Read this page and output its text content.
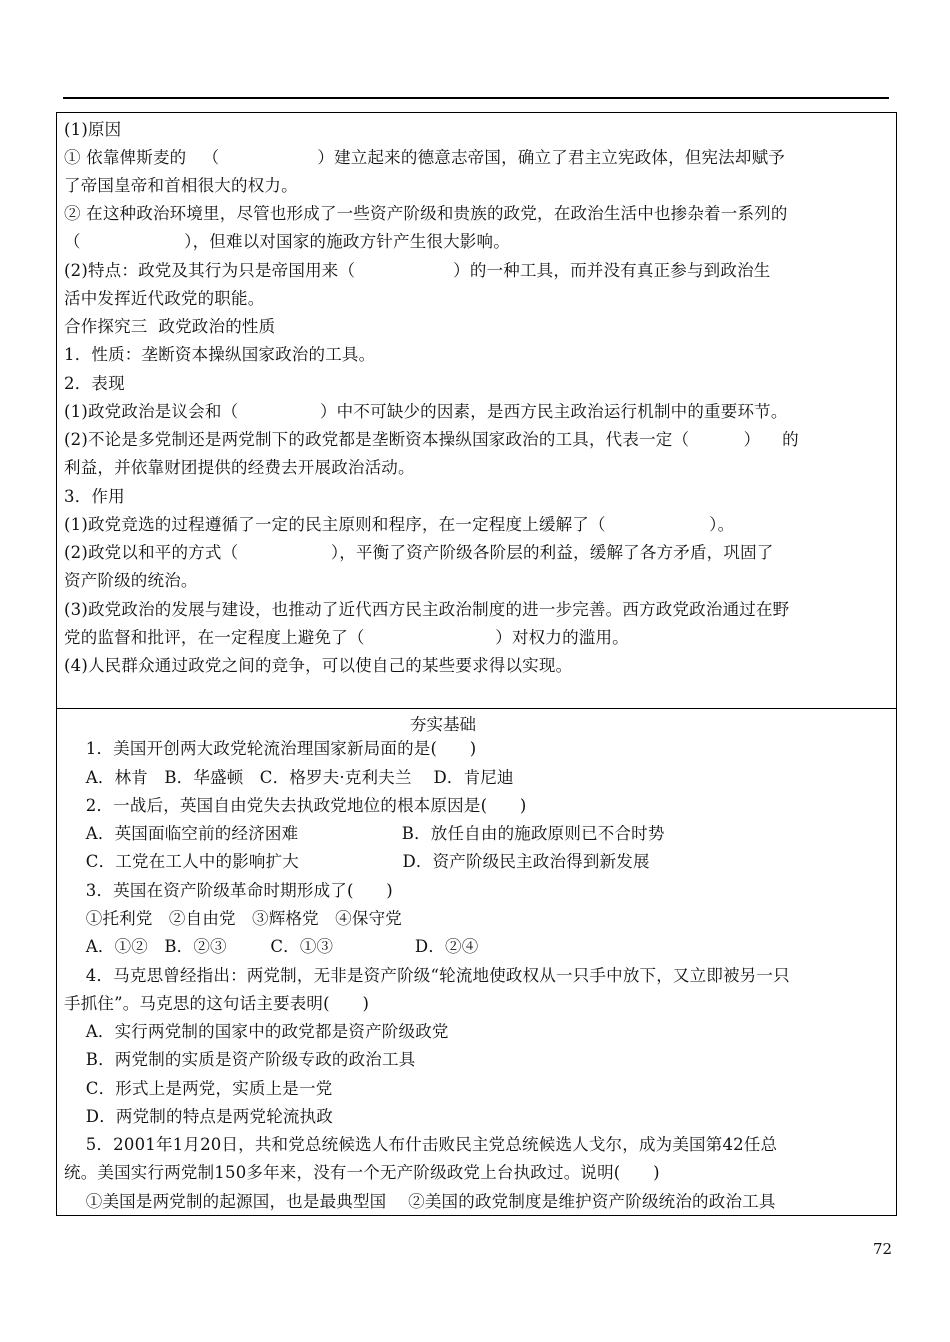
(1)原因
① 依靠俾斯麦的   （                  ）建立起来的德意志帝国，确立了君主立宪政体，但宪法却赋予
了帝国皇帝和首相很大的权力。
② 在这种政治环境里，尽管也形成了一些资产阶级和贵族的政党，在政治生活中也掺杂着一系列的
（                   ），但难以对国家的施政方针产生很大影响。
(2)特点：政党及其行为只是帝国用来（                  ）的一种工具，而并没有真正参与到政治生
活中发挥近代政党的职能。
合作探究三  政党政治的性质
1．性质：垄断资本操纵国家政治的工具。
2．表现
(1)政党政治是议会和（               ）中不可缺少的因素，是西方民主政治运行机制中的重要环节。
(2)不论是多党制还是两党制下的政党都是垄断资本操纵国家政治的工具，代表一定（          ）    的
利益，并依靠财团提供的经费去开展政治活动。
3．作用
(1)政党竞选的过程遵循了一定的民主原则和程序，在一定程度上缓解了（                   ）。
(2)政党以和平的方式（                 ），平衡了资产阶级各阶层的利益，缓解了各方矛盾，巩固了
资产阶级的统治。
(3)政党政治的发展与建设，也推动了近代西方民主政治制度的进一步完善。西方政党政治通过在野
党的监督和批评，在一定程度上避免了（                        ）对权力的滥用。
(4)人民群众通过政党之间的竞争，可以使自己的某些要求得以实现。
夯实基础
1．美国开创两大政党轮流治理国家新局面的是(      )
A．林肯   B．华盛顿   C．格罗夫·克利夫兰    D．肯尼迪
2．一战后，英国自由党失去执政党地位的根本原因是(      )
A．英国面临空前的经济困难                   B．放任自由的施政原则已不合时势
C．工党在工人中的影响扩大                   D．资产阶级民主政治得到新发展
3．英国在资产阶级革命时期形成了(      )
①托利党   ②自由党   ③辉格党   ④保守党
A．①②   B．②③        C．①③               D．②④
4．马克思曾经指出：两党制，无非是资产阶级“轮流地使政权从一只手中放下，又立即被另一只
手抓住”。马克思的这句话主要表明(      )
A．实行两党制的国家中的政党都是资产阶级政党
B．两党制的实质是资产阶级专政的政治工具
C．形式上是两党，实质上是一党
D．两党制的特点是两党轮流执政
5．2001年1月20日，共和党总统候选人布什击败民主党总统候选人戈尔，成为美国第42任总
统。美国实行两党制150多年来，没有一个无产阶级政党上台执政过。说明(      )
①美国是两党制的起源国，也是最典型国    ②美国的政党制度是维护资产阶级统治的政治工具
72
